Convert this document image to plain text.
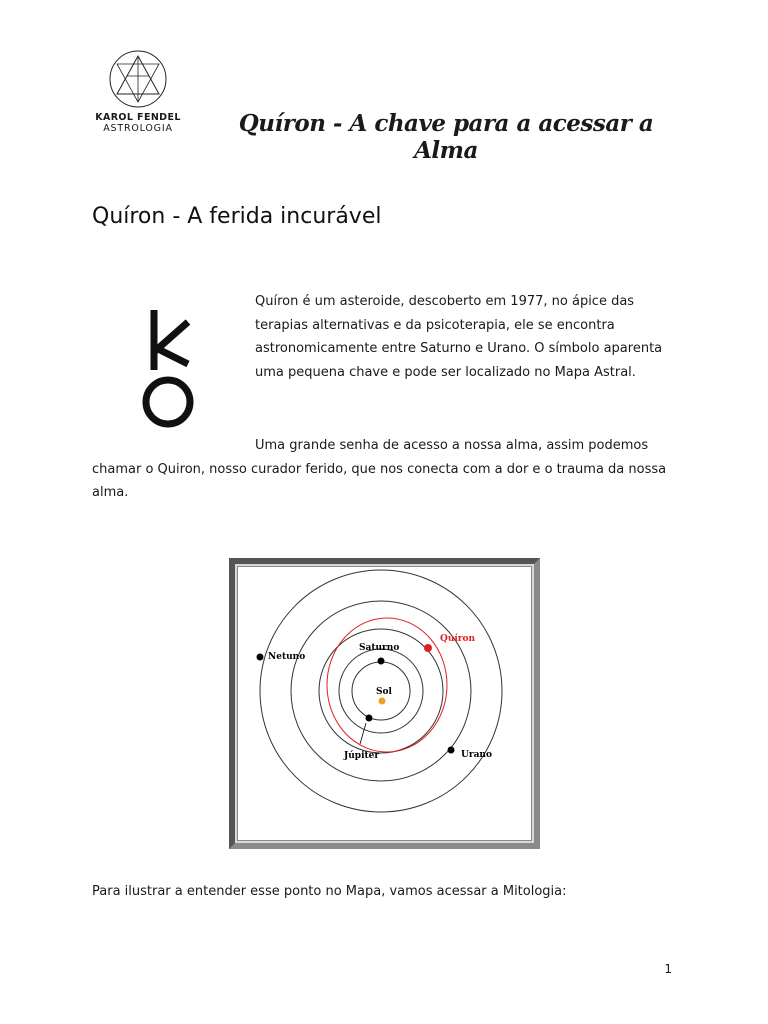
KAROL FENDEL
ASTROLOGIA	Quíron - A chave para a acessar a Alma
Quíron - A ferida incurável

Quíron é um asteroide, descoberto em 1977, no ápice das terapias alternativas e da psicoterapia, ele se encontra astronomicamente entre Saturno e Urano. O símbolo aparenta uma pequena chave e pode ser localizado no Mapa Astral.

Uma grande senha de acesso a nossa alma, assim podemos chamar o Quiron, nosso curador ferido, que nos conecta com a dor e o trauma da nossa alma.

Sol
Saturno
Quíron
Netuno
Júpiter	Urano

Para ilustrar a entender esse ponto no Mapa, vamos acessar a Mitologia:

1
